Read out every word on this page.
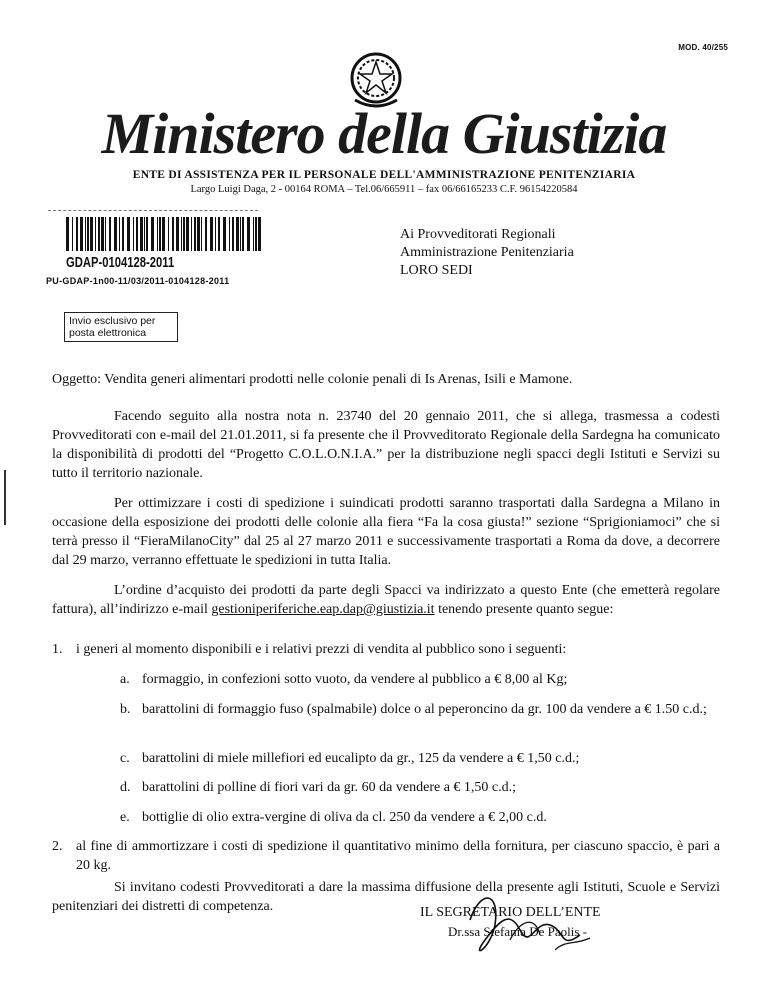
MOD. 40/255
Ministero della Giustizia
ENTE DI ASSISTENZA PER IL PERSONALE DELL'AMMINISTRAZIONE PENITENZIARIA
Largo Luigi Daga, 2 - 00164 ROMA – Tel.06/665911 – fax 06/66165233 C.F. 96154220584
GDAP-0104128-2011
PU-GDAP-1n00-11/03/2011-0104128-2011
Invio esclusivo per posta elettronica
Ai Provveditorati Regionali
Amministrazione Penitenziaria
LORO SEDI
Oggetto: Vendita generi alimentari prodotti nelle colonie penali di Is Arenas, Isili e Mamone.
Facendo seguito alla nostra nota n. 23740 del 20 gennaio 2011, che si allega, trasmessa a codesti Provveditorati con e-mail del 21.01.2011, si fa presente che il Provveditorato Regionale della Sardegna ha comunicato la disponibilità di prodotti del “Progetto C.O.L.O.N.I.A.” per la distribuzione negli spacci degli Istituti e Servizi su tutto il territorio nazionale.
Per ottimizzare i costi di spedizione i suindicati prodotti saranno trasportati dalla Sardegna a Milano in occasione della esposizione dei prodotti delle colonie alla fiera “Fa la cosa giusta!” sezione “Sprigioniamoci” che si terrà presso il “FieraMilanoCity” dal 25 al 27 marzo 2011 e successivamente trasportati a Roma da dove, a decorrere dal 29 marzo, verranno effettuate le spedizioni in tutta Italia.
L’ordine d’acquisto dei prodotti da parte degli Spacci va indirizzato a questo Ente (che emetterà regolare fattura), all’indirizzo e-mail gestioniperiferiche.eap.dap@giustizia.it tenendo presente quanto segue:
1. i generi al momento disponibili e i relativi prezzi di vendita al pubblico sono i seguenti:
a. formaggio, in confezioni sotto vuoto, da vendere al pubblico a € 8,00 al Kg;
b. barattolini di formaggio fuso (spalmabile) dolce o al peperoncino da gr. 100 da vendere a € 1.50 c.d.;
c. barattolini di miele millefiori ed eucalipto da gr., 125 da vendere a € 1,50 c.d.;
d. barattolini di polline di fiori vari da gr. 60 da vendere a € 1,50 c.d.;
e. bottiglie di olio extra-vergine di oliva da cl. 250 da vendere a € 2,00 c.d.
2. al fine di ammortizzare i costi di spedizione il quantitativo minimo della fornitura, per ciascuno spaccio, è pari a 20 kg.
Si invitano codesti Provveditorati a dare la massima diffusione della presente agli Istituti, Scuole e Servizi penitenziari dei distretti di competenza.	IL SEGRETARIO DELL’ENTE
Dr.ssa Stefania De Paolis -
